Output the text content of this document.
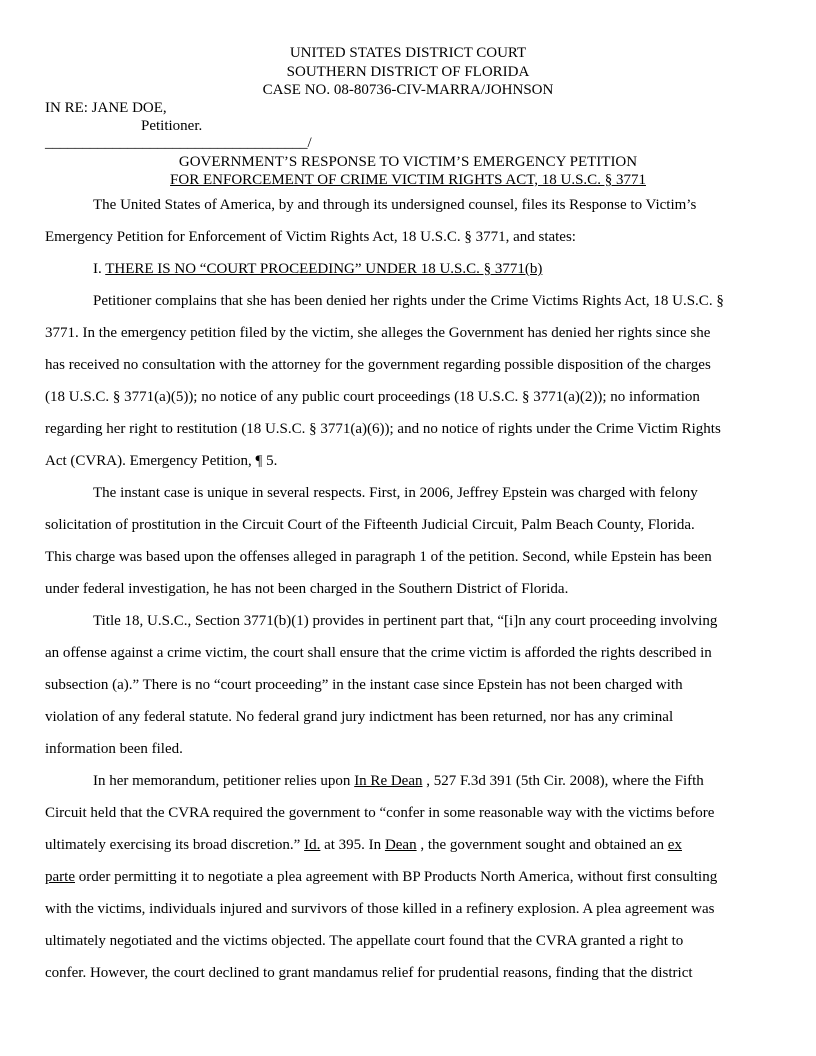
UNITED STATES DISTRICT COURT
SOUTHERN DISTRICT OF FLORIDA
CASE NO. 08-80736-CIV-MARRA/JOHNSON
IN RE: JANE DOE,
Petitioner.
___________________________________/
GOVERNMENT’S RESPONSE TO VICTIM’S EMERGENCY PETITION
FOR ENFORCEMENT OF CRIME VICTIM RIGHTS ACT, 18 U.S.C. § 3771
The United States of America, by and through its undersigned counsel, files its Response to Victim’s
Emergency Petition for Enforcement of Victim Rights Act, 18 U.S.C. § 3771, and states:
I. THERE IS NO “COURT PROCEEDING” UNDER 18 U.S.C. § 3771(b)
Petitioner complains that she has been denied her rights under the Crime Victims Rights Act, 18 U.S.C. §
3771. In the emergency petition filed by the victim, she alleges the Government has denied her rights since she
has received no consultation with the attorney for the government regarding possible disposition of the charges
(18 U.S.C. § 3771(a)(5)); no notice of any public court proceedings (18 U.S.C. § 3771(a)(2)); no information
regarding her right to restitution (18 U.S.C. § 3771(a)(6)); and no notice of rights under the Crime Victim Rights
Act (CVRA). Emergency Petition, ¶ 5.
The instant case is unique in several respects. First, in 2006, Jeffrey Epstein was charged with felony
solicitation of prostitution in the Circuit Court of the Fifteenth Judicial Circuit, Palm Beach County, Florida.
This charge was based upon the offenses alleged in paragraph 1 of the petition. Second, while Epstein has been
under federal investigation, he has not been charged in the Southern District of Florida.
Title 18, U.S.C., Section 3771(b)(1) provides in pertinent part that, “[i]n any court proceeding involving
an offense against a crime victim, the court shall ensure that the crime victim is afforded the rights described in
subsection (a).” There is no “court proceeding” in the instant case since Epstein has not been charged with
violation of any federal statute. No federal grand jury indictment has been returned, nor has any criminal
information been filed.
In her memorandum, petitioner relies upon In Re Dean , 527 F.3d 391 (5th Cir. 2008), where the Fifth
Circuit held that the CVRA required the government to “confer in some reasonable way with the victims before
ultimately exercising its broad discretion.” Id. at 395. In Dean , the government sought and obtained an ex
parte order permitting it to negotiate a plea agreement with BP Products North America, without first consulting
with the victims, individuals injured and survivors of those killed in a refinery explosion. A plea agreement was
ultimately negotiated and the victims objected. The appellate court found that the CVRA granted a right to
confer. However, the court declined to grant mandamus relief for prudential reasons, finding that the district
